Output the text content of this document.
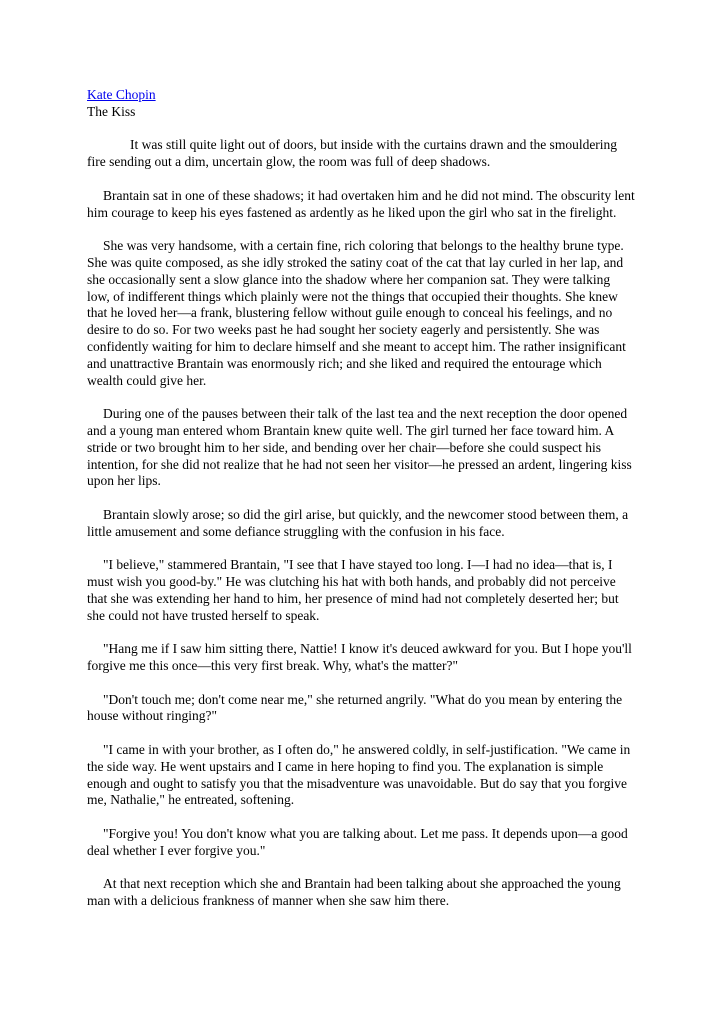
Kate Chopin
The Kiss

It was still quite light out of doors, but inside with the curtains drawn and the smouldering fire sending out a dim, uncertain glow, the room was full of deep shadows.

Brantain sat in one of these shadows; it had overtaken him and he did not mind. The obscurity lent him courage to keep his eyes fastened as ardently as he liked upon the girl who sat in the firelight.

She was very handsome, with a certain fine, rich coloring that belongs to the healthy brune type. She was quite composed, as she idly stroked the satiny coat of the cat that lay curled in her lap, and she occasionally sent a slow glance into the shadow where her companion sat. They were talking low, of indifferent things which plainly were not the things that occupied their thoughts. She knew that he loved her—a frank, blustering fellow without guile enough to conceal his feelings, and no desire to do so. For two weeks past he had sought her society eagerly and persistently. She was confidently waiting for him to declare himself and she meant to accept him. The rather insignificant and unattractive Brantain was enormously rich; and she liked and required the entourage which wealth could give her.

During one of the pauses between their talk of the last tea and the next reception the door opened and a young man entered whom Brantain knew quite well. The girl turned her face toward him. A stride or two brought him to her side, and bending over her chair—before she could suspect his intention, for she did not realize that he had not seen her visitor—he pressed an ardent, lingering kiss upon her lips.

Brantain slowly arose; so did the girl arise, but quickly, and the newcomer stood between them, a little amusement and some defiance struggling with the confusion in his face.

"I believe," stammered Brantain, "I see that I have stayed too long. I—I had no idea—that is, I must wish you good-by." He was clutching his hat with both hands, and probably did not perceive that she was extending her hand to him, her presence of mind had not completely deserted her; but she could not have trusted herself to speak.

"Hang me if I saw him sitting there, Nattie! I know it's deuced awkward for you. But I hope you'll forgive me this once—this very first break. Why, what's the matter?"

"Don't touch me; don't come near me," she returned angrily. "What do you mean by entering the house without ringing?"

"I came in with your brother, as I often do," he answered coldly, in self-justification. "We came in the side way. He went upstairs and I came in here hoping to find you. The explanation is simple enough and ought to satisfy you that the misadventure was unavoidable. But do say that you forgive me, Nathalie," he entreated, softening.

"Forgive you! You don't know what you are talking about. Let me pass. It depends upon—a good deal whether I ever forgive you."

At that next reception which she and Brantain had been talking about she approached the young man with a delicious frankness of manner when she saw him there.
